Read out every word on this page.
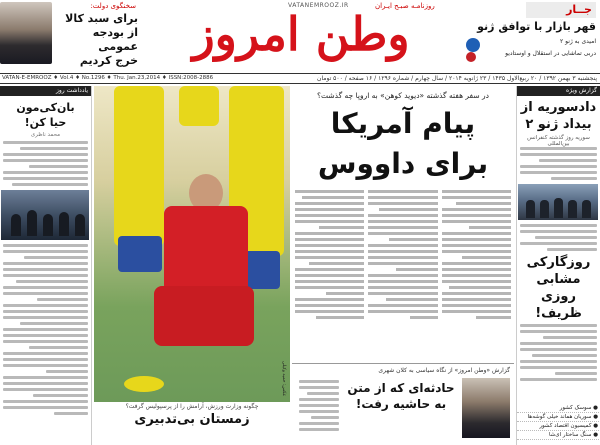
سخنگوی دولت:
برای سبد کالا
از بودجه عمومی
خرج کردیم
VATANEMROOZ.IR	روزنامـه صبـح ایـران
وطن امروز	جــار
قهر بازار با توافق ژنو
امیدی به ژنو ۲
دربی تماشایی در استقلال و اوستادیو
VATAN-E-EMROOZ ♦ Vol.4 ♦ No.1296 ♦ Thu. Jan.23,2014 ♦ ISSN:2008-2886	پنجشنبه ۳ بهمن ۱۳۹۲ / ۲۰ ربیع‌الاول ۱۴۳۵ / ۲۳ ژانویه ۲۰۱۴ / سال چهارم / شماره ۱۲۹۶ / ۱۶ صفحه / ۵۰۰ تومان
یادداشت روز
بان‌کی‌مون
حیا کن!
محمد ناظری
عکس: حمید وکیلی
چگونه وزارت ورزش، آرامش را از پرسپولیس گرفت؟
زمستان بی‌تدبیری
در سفر هفته گذشته «دیوید کوهن» به اروپا چه گذشت؟
پیام آمریکا
برای داووس
گزارش «وطن امروز» از نگاه سیاسی به کلان شهری
حادثه‌ای که از متن
به حاشیه رفت!
گزارش ویژه
دادسوریه از
بیداد ژنو ۲
سوریه روز گذشته کنفرانس بین‌المللی
روزگارکی مشابی
روزی ظریف!
● سوسک کشور
● سوریان هماند خیلی گوشه‌ها
● کمیسیون اقتصاد کشور
● سنگ ساختار ای‌شا
